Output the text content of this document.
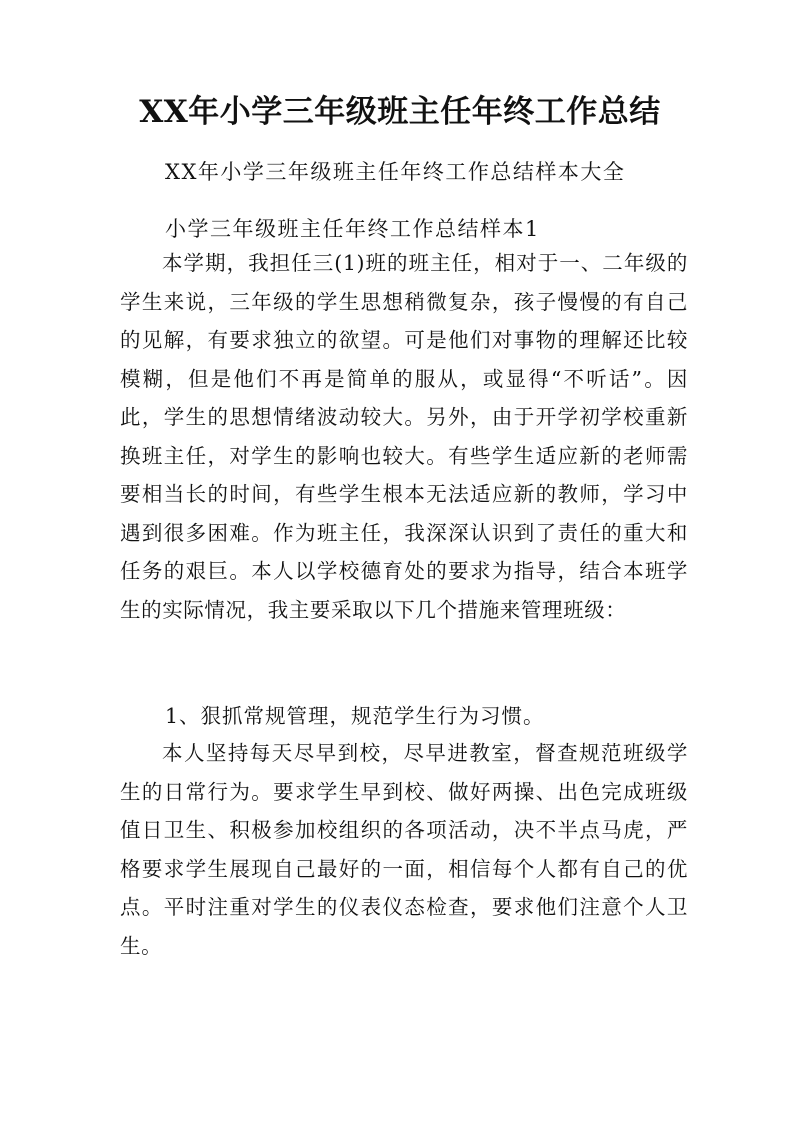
XX年小学三年级班主任年终工作总结

XX年小学三年级班主任年终工作总结样本大全

小学三年级班主任年终工作总结样本1

本学期，我担任三(1)班的班主任，相对于一、二年级的学生来说，三年级的学生思想稍微复杂，孩子慢慢的有自己的见解，有要求独立的欲望。可是他们对事物的理解还比较模糊，但是他们不再是简单的服从，或显得“不听话”。因此，学生的思想情绪波动较大。另外，由于开学初学校重新换班主任，对学生的影响也较大。有些学生适应新的老师需要相当长的时间，有些学生根本无法适应新的教师，学习中遇到很多困难。作为班主任，我深深认识到了责任的重大和任务的艰巨。本人以学校德育处的要求为指导，结合本班学生的实际情况，我主要采取以下几个措施来管理班级：

1、狠抓常规管理，规范学生行为习惯。

本人坚持每天尽早到校，尽早进教室，督查规范班级学生的日常行为。要求学生早到校、做好两操、出色完成班级值日卫生、积极参加校组织的各项活动，决不半点马虎，严格要求学生展现自己最好的一面，相信每个人都有自己的优点。平时注重对学生的仪表仪态检查，要求他们注意个人卫生。
